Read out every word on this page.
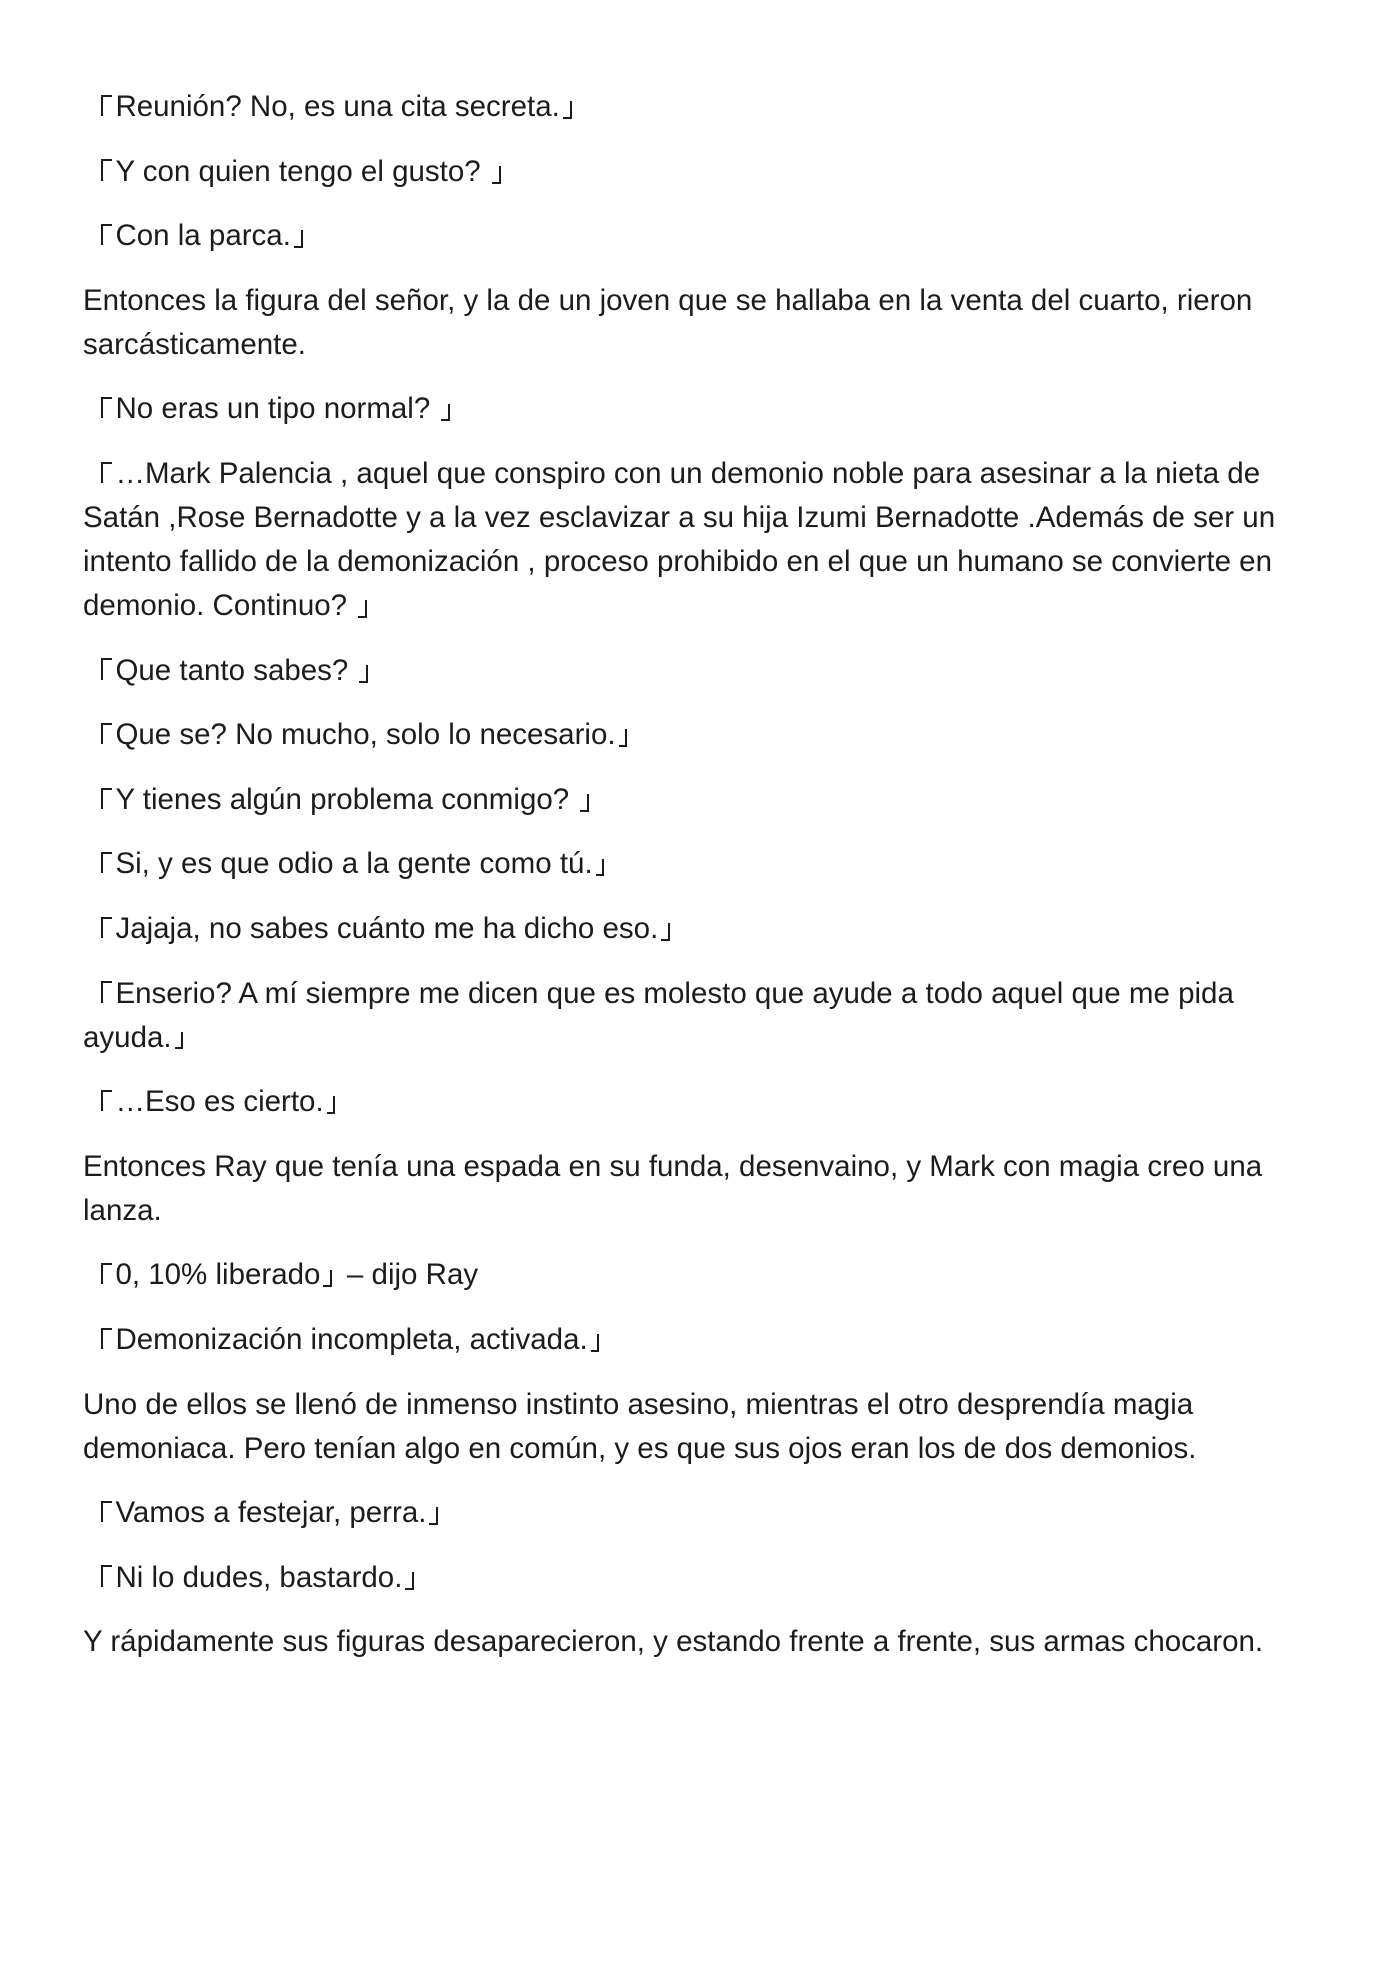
Reunión? No, es una cita secreta.
Y con quien tengo el gusto?
Con la parca.
Entonces la figura del señor, y la de un joven que se hallaba en la venta del cuarto, rieron
sarcásticamente.
No eras un tipo normal?
…Mark Palencia , aquel que conspiro con un demonio noble para asesinar a la nieta de
Satán ,Rose Bernadotte y a la vez esclavizar a su hija Izumi Bernadotte .Además de ser un
intento fallido de la demonización , proceso prohibido en el que un humano se convierte en
demonio. Continuo?
Que tanto sabes?
Que se? No mucho, solo lo necesario.
Y tienes algún problema conmigo?
Si, y es que odio a la gente como tú.
Jajaja, no sabes cuánto me ha dicho eso.
Enserio? A mí siempre me dicen que es molesto que ayude a todo aquel que me pida
ayuda.
…Eso es cierto.
Entonces Ray que tenía una espada en su funda, desenvaino, y Mark con magia creo una
lanza.
0, 10% liberado – dijo Ray
Demonización incompleta, activada.
Uno de ellos se llenó de inmenso instinto asesino, mientras el otro desprendía magia
demoniaca. Pero tenían algo en común, y es que sus ojos eran los de dos demonios.
Vamos a festejar, perra.
Ni lo dudes, bastardo.
Y rápidamente sus figuras desaparecieron, y estando frente a frente, sus armas chocaron.
